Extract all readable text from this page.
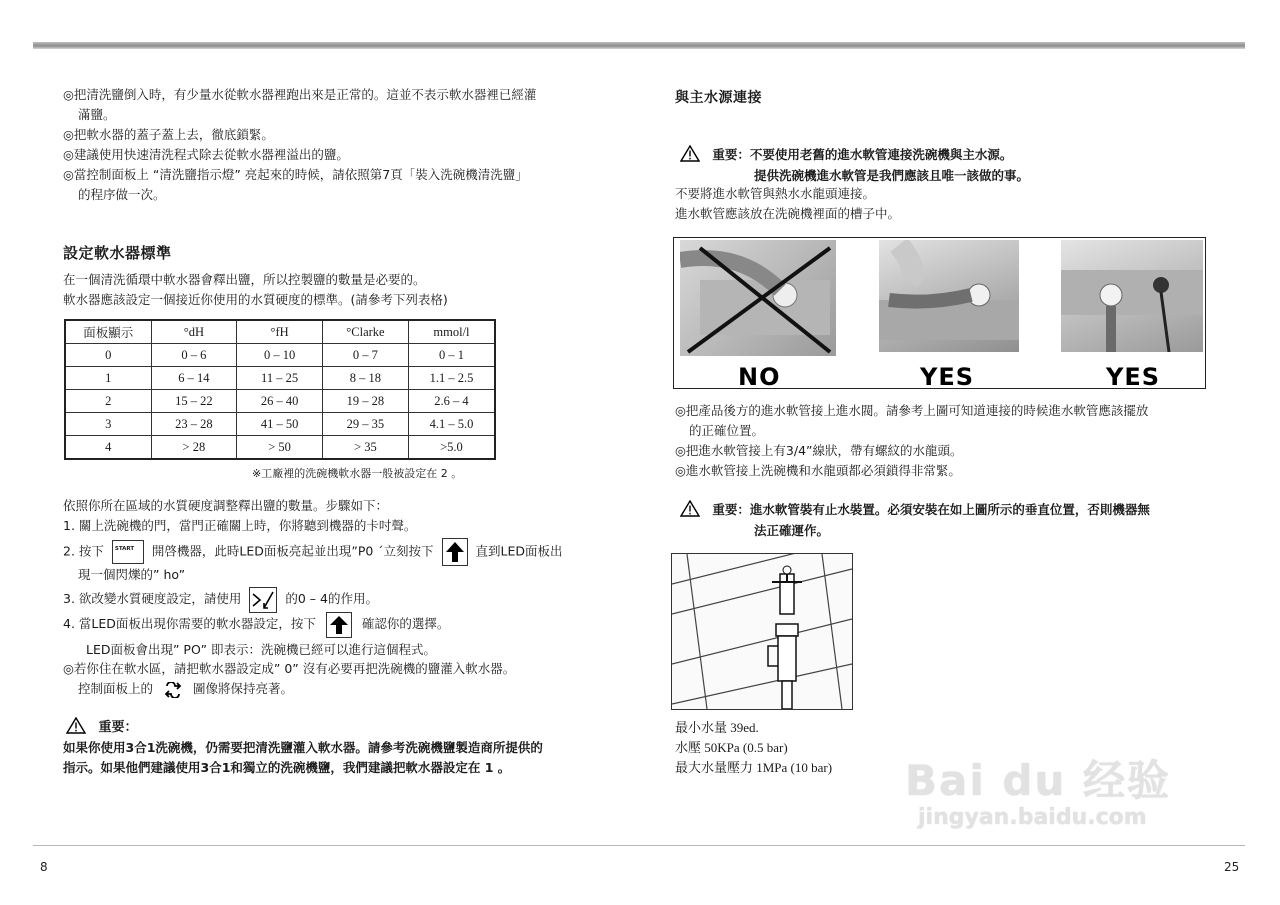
◎把清洗鹽倒入時，有少量水從軟水器裡跑出來是正常的。這並不表示軟水器裡已經灌

滿鹽。

◎把軟水器的蓋子蓋上去，徹底鎖緊。

◎建議使用快速清洗程式除去從軟水器裡溢出的鹽。

◎當控制面板上 “清洗鹽指示燈” 亮起來的時候，請依照第7頁「裝入洗碗機清洗鹽」

的程序做一次。

設定軟水器標準

在一個清洗循環中軟水器會釋出鹽，所以控製鹽的數量是必要的。

軟水器應該設定一個接近你使用的水質硬度的標準。(請參考下列表格)

面板顯示	°dH	°fH	°Clarke	mmol/l
0	0 – 6	0 – 10	0 – 7	0 – 1
1	6 – 14	11 – 25	8 – 18	1.1 – 2.5
2	15 – 22	26 – 40	19 – 28	2.6 – 4
3	23 – 28	41 – 50	29 – 35	4.1 – 5.0
4	> 28	> 50	> 35	>5.0

※工廠裡的洗碗機軟水器一般被設定在 2 。

依照你所在區域的水質硬度調整釋出鹽的數量。步驟如下：

1. 關上洗碗機的門，當門正確關上時，你將聽到機器的卡吋聲。

2. 按下 START 開啓機器，此時LED面板亮起並出現”P0 ˊ立刻按下	直到LED面板出

現一個閃爍的” ho”

3. 欲改變水質硬度設定，請使用	的0 – 4的作用。
4. 當LED面板出現你需要的軟水器設定，按下	確認你的選擇。

LED面板會出現” PO” 即表示：洗碗機已經可以進行這個程式。

◎若你住在軟水區，請把軟水器設定成” 0” 沒有必要再把洗碗機的鹽灌入軟水器。

控制面板上的	圖像將保持亮著。
重要：

如果你使用3合1洗碗機，仍需要把清洗鹽灌入軟水器。請參考洗碗機鹽製造商所提供的

指示。如果他們建議使用3合1和獨立的洗碗機鹽，我們建議把軟水器設定在 1 。

與主水源連接
重要：不要使用老舊的進水軟管連接洗碗機與主水源。

提供洗碗機進水軟管是我們應該且唯一該做的事。

不要將進水軟管與熱水水龍頭連接。

進水軟管應該放在洗碗機裡面的槽子中。

NO	YES	YES

◎把產品後方的進水軟管接上進水閥。請參考上圖可知道連接的時候進水軟管應該擺放

的正確位置。

◎把進水軟管接上有3/4”線狀，帶有螺紋的水龍頭。

◎進水軟管接上洗碗機和水龍頭都必須鎖得非常緊。

重要：進水軟管裝有止水裝置。必須安裝在如上圖所示的垂直位置，否則機器無

法正確運作。

最小水量 39ed.

水壓 50KPa (0.5 bar)

最大水量壓力 1MPa (10 bar)	Bai du 经验
jingyan.baidu.com
8	25
